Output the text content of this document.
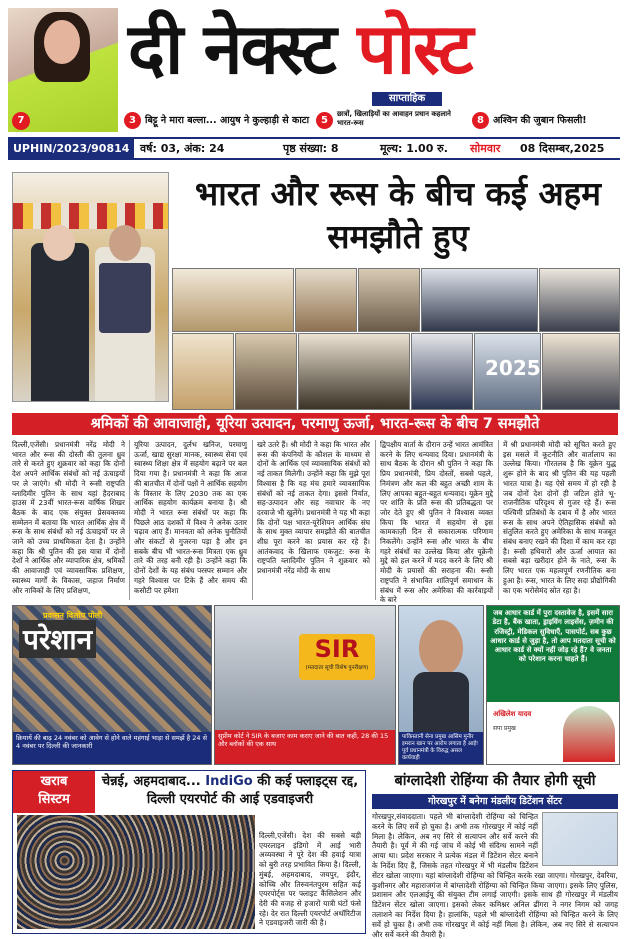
7
दी नेक्स्ट पोस्ट
साप्ताहिक
3 बिट्टू ने मारा बल्ला... आयुष ने कुल्हाड़ी से काटा	5
छात्रों, खिलाड़ियों का आवाहन प्रधान कहलाने भारत-रूस	8 अश्विन की जुबान फिसली!
UPHIN/2023/90814 वर्ष: 03, अंक: 24	पृष्ठ संख्या: 8	मूल्य: 1.00 रु. सोमवार 08 दिसम्बर,2025
भारत और रूस के बीच कई अहम समझौते हुए
2025
श्रमिकों की आवाजाही, यूरिया उत्पादन, परमाणु ऊर्जा, भारत-रूस के बीच 7 समझौते
दिल्ली,एजेंसी। प्रधानमंत्री नरेंद्र मोदी ने भारत और रूस की दोस्ती की तुलना ध्रुव तारे से करते हुए शुक्रवार को कहा कि दोनों देश अपने आर्थिक संबंधों को नई ऊंचाइयों पर ले जाएंगे। श्री मोदी ने रूसी राष्ट्रपति व्लादिमीर पुतिन के साथ यहां हैदराबाद हाउस में 23वीं भारत-रूस वार्षिक शिखर बैठक के बाद एक संयुक्त प्रेसवक्तव्य सम्मेलन में बताया कि भारत आर्थिक क्षेत्र में रूस के साथ संबंधों को नई ऊंचाइयों पर ले जाने को उच्च प्राथमिकता देता है। उन्होंने कहा कि श्री पुतिन की इस यात्रा में दोनों देशों ने आर्थिक और व्यापारिक क्षेत्र, श्रमिकों की आवाजाही एवं व्यावसायिक प्रशिक्षण, स्वास्थ्य मार्गों के विकास, जहाज निर्माण और नाविकों के लिए प्रशिक्षण,
यूरिया उत्पादन, दुर्लभ खनिज, परमाणु ऊर्जा, खाद्य सुरक्षा मानक, स्वास्थ्य सेवा एवं स्वास्थ्य शिक्षा क्षेत्र में सहयोग बढ़ाने पर बल दिया गया है। प्रधानमंत्री ने कहा कि आज की बातचीत में दोनों पक्षों ने आर्थिक सहयोग के विस्तार के लिए 2030 तक का एक आर्थिक सहयोग कार्यक्रम बनाया है। श्री मोदी ने भारत रूस संबंधों पर कहा कि पिछले आठ दशकों में विश्व ने अनेक उतार चढ़ाव आए हैं। मानवता को अनेक चुनौतियों और संकटों से गुजरना पड़ा है और इन सबके बीच भी भारत-रूस मित्रता एक ध्रुव तारे की तरह बनी रही है। उन्होंने कहा कि दोनों देशों के यह संबंध परस्पर सम्मान और गहरे विश्वास पर टिके हैं और समय की कसौटी पर हमेशा
खरे उतरे हैं। श्री मोदी ने कहा कि भारत और रूस की कंपनियों के कौशल के माध्यम से दोनों के आर्थिक एवं व्यावसायिक संबंधों को नई ताकत मिलेगी। उन्होंने कहा कि मुझे पूरा विश्वास है कि यह मंच हमारे व्यावसायिक संबंधों को नई ताकत देगा। इससे निर्यात, सह-उत्पादन और सह नवाचार के नए दरवाजे भी खुलेंगे। प्रधानमंत्री ने यह भी कहा कि दोनों पक्ष भारत-यूरेशियन आर्थिक संघ के साथ मुक्त व्यापार समझौते की बातचीत शीघ्र पूरा करने का प्रयास कर रहे हैं। आतंकवाद के खिलाफ एकजुट: रूस के राष्ट्रपति व्लादिमीर पुतिन ने शुक्रवार को प्रधानमंत्री नरेंद्र मोदी के साथ
द्विपक्षीय वार्ता के दौरान उन्हें भारत आमंत्रित करने के लिए धन्यवाद दिया। प्रधानमंत्री के साथ बैठक के दौरान श्री पुतिन ने कहा कि प्रिय प्रधानमंत्री, प्रिय दोस्तों, सबसे पहले, निमंत्रण और कल की बहुत अच्छी शाम के लिए आपका बहुत-बहुत धन्यवाद। यूक्रेन मुद्दे पर शांति के प्रति रूस की प्रतिबद्धता पर जोर देते हुए श्री पुतिन ने विश्वास व्यक्त किया कि भारत में सहयोग से इस कामकाज़ी दिन से सकारात्मक परिणाम निकलेंगे। उन्होंने रूस और भारत के बीच गहरे संबंधों का उल्लेख किया और यूक्रेनी मुद्दे को हल करने में मदद करने के लिए श्री मोदी के प्रयासों की सराहना की। रूसी राष्ट्रपति ने संभावित शांतिपूर्ण समाधान के संबंध में रूस और अमेरिका की कार्रवाइयों के बारे
में श्री प्रधानमंत्री मोदी को सूचित करते हुए इस मसले में कूटनीति और वार्तालाप का उल्लेख किया। गौरतलब है कि यूक्रेन युद्ध शुरू होने के बाद श्री पुतिन की यह पहली भारत यात्रा है। यह ऐसे समय में हो रही है जब दोनों देश दोनों ही जटिल होते भू-राजनीतिक परिदृश्य से गुजर रहे हैं। रूस पश्चिमी प्रतिबंधों के दबाव में है और भारत रूस के साथ अपने ऐतिहासिक संबंधों को संतुलित करते हुए अमेरिका के साथ मजबूत संबंध बनाए रखने की दिशा में काम कर रहा है। रूसी हथियारों और ऊर्जा आयात का सबसे बड़ा खरीदार होने के नाते, रूस के लिए भारत एक महत्वपूर्ण रणनीतिक बना हुआ है। रूस, भारत के लिए सदा प्रौद्योगिकी का एक भरोसेमंद स्रोत रहा है।
प्रवासन विलोप पोली
परेशान
क्रियायें की बाढ़ 24 नवंबर को आवेग से होने वाले महंगाई भाड़ा से समझें है 24 से 4 नवंबर पर दिल्ली की जानकारी
SIR
(मतदाता सूची विशेष पुनरीक्षण)
सुप्रीम कोर्ट ने SIR के बजाए काम कराए जाने की बात कही, 28 की 15 और ब्लॉकों की एक साथ
पाकिस्तानी सेना प्रमुख आसिम मुनीर इमरान खान पर आरोप लगाता है आई! पूर्व प्रधानमंत्री के विरुद्ध असल कार्यवाही
जब आधार कार्ड में पुरा दस्तावेज है, इसमें सारा डेटा है, बैंक खाता, ड्राइविंग लाइसेंस, ज़मीन की रजिस्ट्री, मेडिकल सुविधाएँ, पासपोर्ट, सब कुछ आधार कार्ड से जुड़ा है, तो आप मतदाता सूची को आधार कार्ड से क्यों नहीं जोड़ रहे हैं? वे जनता को परेशान करना चाहते हैं।
अखिलेश यादव
सपा प्रमुख
खराब
सिस्टम
चेन्नई, अहमदाबाद... IndiGo की कई फ्लाइट्स रद्द, दिल्ली एयरपोर्ट की आई एडवाइजरी
दिल्ली,एजेंसी। देश की सबसे बड़ी एयरलाइन इंडिगो में आई भारी अव्यवस्था ने पूरे देश की हवाई यात्रा को बुरी तरह प्रभावित किया है। दिल्ली, मुंबई, अहमदाबाद, जयपुर, इंदौर, कोच्चि और तिरुवनंतपुरम सहित कई एयरपोर्ट्स पर फ्लाइट कैंसिलेशन और देरी की वजह से हजारों यात्री घंटों फंसे रहे। देर रात दिल्ली एयरपोर्ट अथॉरिटीज ने एडवाइजरी जारी की है।
बांग्लादेशी रोहिंग्या की तैयार होगी सूची
गोरखपुर में बनेगा मंडलीय डिटेंशन सेंटर
गोरखपुर,संवाददाता। पहले भी बांग्लादेशी रोहिंग्या को चिन्हित करने के लिए सर्वे हो चुका है। अभी तक गोरखपुर में कोई नहीं मिला है। लेकिन, अब नए सिरे से सत्यापन और सर्वे करने की तैयारी है। पूर्व में की गई जांच में कोई भी संदिग्ध सामने नहीं आया था। प्रदेश सरकार ने प्रत्येक मंडल में डिटेंशन सेंटर बनाने के निर्देश दिए हैं, जिसके तहत गोरखपुर में भी मंडलीय डिटेंशन सेंटर खोला जाएगा। यहां बांग्लादेशी रोहिंग्या को चिन्हित करके रखा जाएगा। गोरखपुर, देवरिया, कुशीनगर और महाराजगंज में बांग्लादेशी रोहिंग्या को चिन्हित किया जाएगा। इसके लिए पुलिस, प्रशासन और एलआईयू की संयुक्त टीम लगाई जाएगी। इसके साथ ही गोरखपुर में मंडलीय डिटेंशन सेंटर खोला जाएगा। इसको लेकर कमिश्नर अनिल ढींगरा ने नगर निगम को जगह तलाशने का निर्देश दिया है। हालांकि, पहले भी बांग्लादेशी रोहिंग्या को चिन्हित करने के लिए सर्वे हो चुका है। अभी तक गोरखपुर में कोई नहीं मिला है। लेकिन, अब नए सिरे से सत्यापन और सर्वे करने की तैयारी है।
